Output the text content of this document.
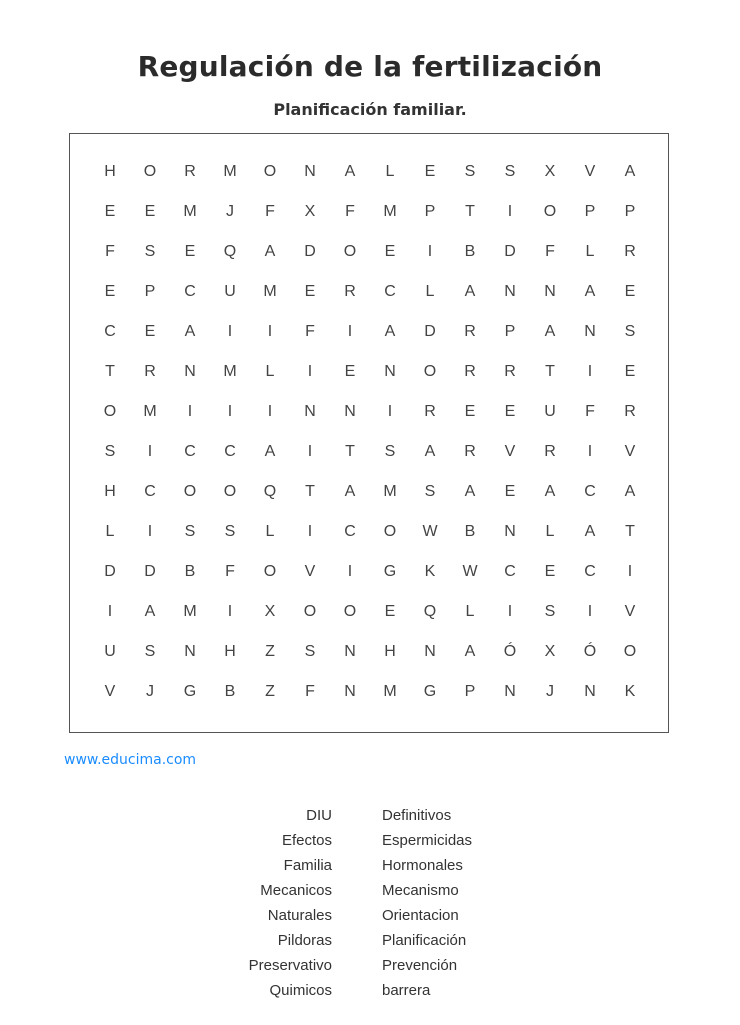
Regulación de la fertilización
Planificación familiar.
H	O	R	M	O	N	A	L	E	S	S	X	V	A
E	E	M	J	F	X	F	M	P	T	I	O	P	P
F	S	E	Q	A	D	O	E	I	B	D	F	L	R
E	P	C	U	M	E	R	C	L	A	N	N	A	E
C	E	A	I	I	F	I	A	D	R	P	A	N	S
T	R	N	M	L	I	E	N	O	R	R	T	I	E
O	M	I	I	I	N	N	I	R	E	E	U	F	R
S	I	C	C	A	I	T	S	A	R	V	R	I	V
H	C	O	O	Q	T	A	M	S	A	E	A	C	A
L	I	S	S	L	I	C	O	W	B	N	L	A	T
D	D	B	F	O	V	I	G	K	W	C	E	C	I
I	A	M	I	X	O	O	E	Q	L	I	S	I	V
U	S	N	H	Z	S	N	H	N	A	Ó	X	Ó	O
V	J	G	B	Z	F	N	M	G	P	N	J	N	K
www.educima.com
DIU
Efectos
Familia
Mecanicos
Naturales
Pildoras
Preservativo
Quimicos
Definitivos
Espermicidas
Hormonales
Mecanismo
Orientacion
Planificación
Prevención
barrera
